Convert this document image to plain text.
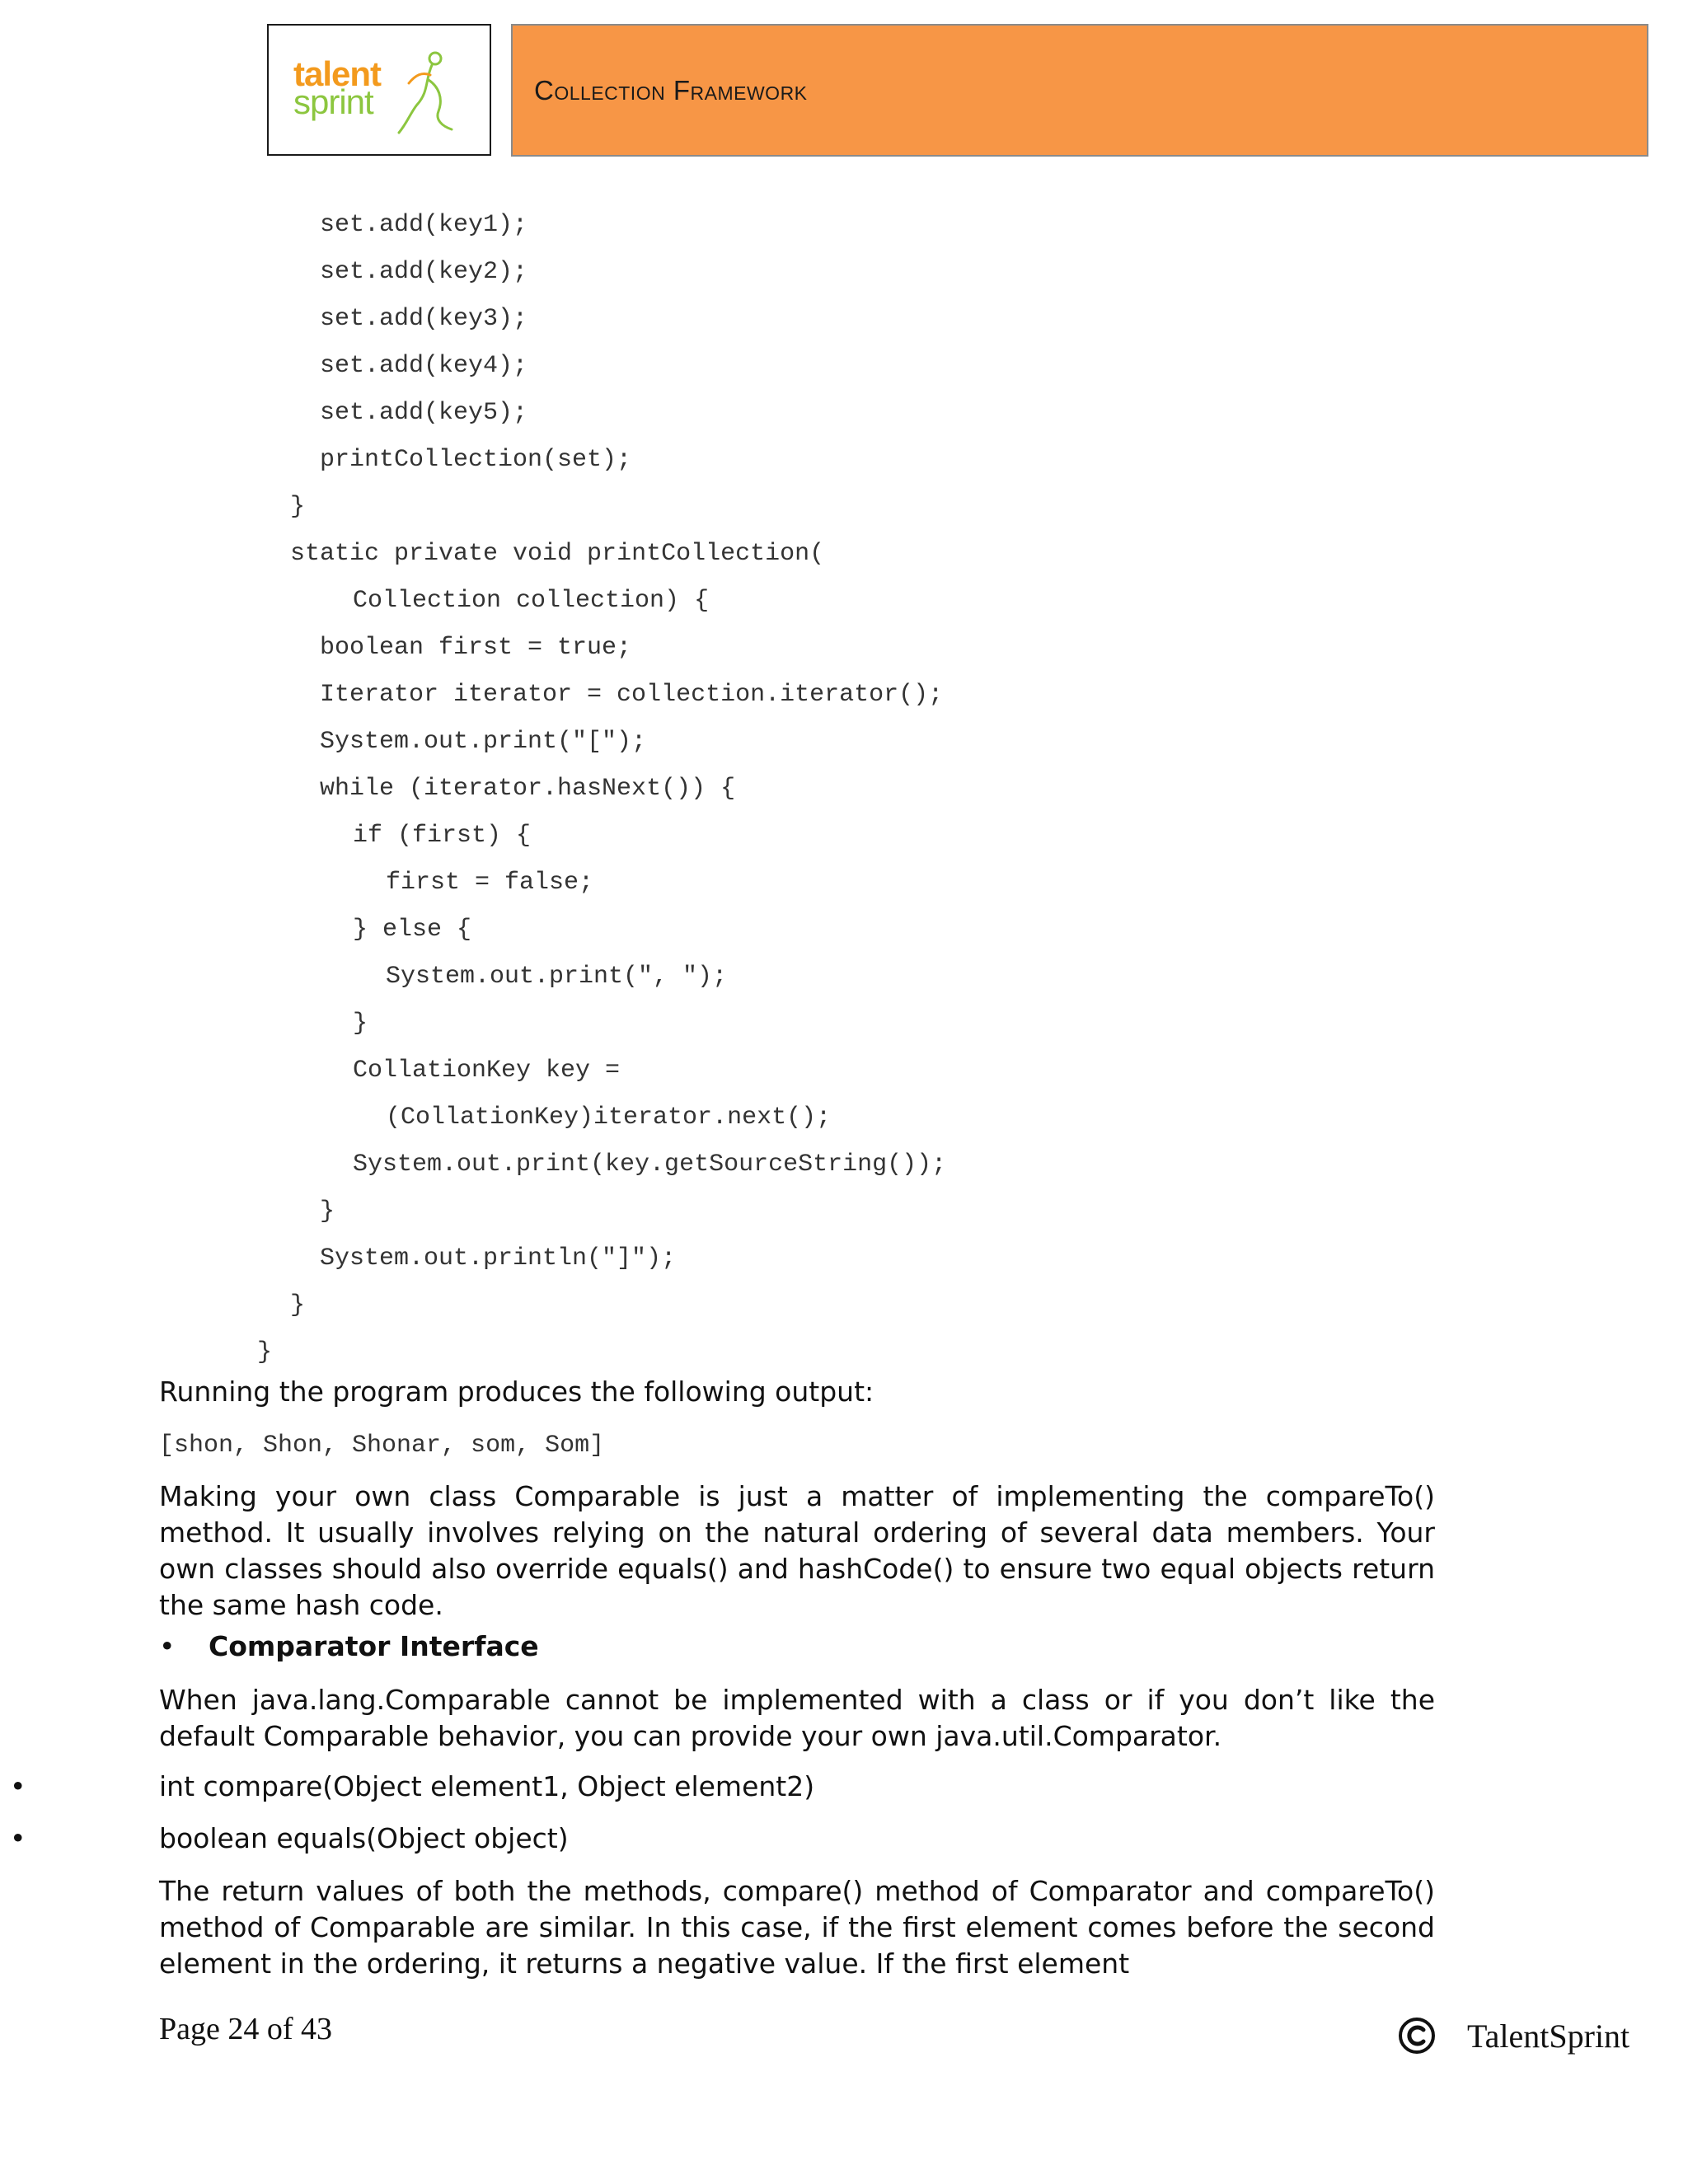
talent
sprint	Collection Framework
set.add(key1);
set.add(key2);
set.add(key3);
set.add(key4);
set.add(key5);
printCollection(set);
}
static private void printCollection(
Collection collection) {
boolean first = true;
Iterator iterator = collection.iterator();
System.out.print("[");
while (iterator.hasNext()) {
if (first) {
first = false;
} else {
System.out.print(", ");
}
CollationKey key =
(CollationKey)iterator.next();
System.out.print(key.getSourceString());
}
System.out.println("]");
}
}
Running the program produces the following output:
[shon, Shon, Shonar, som, Som]
Making your own class Comparable is just a matter of implementing the compareTo() method. It usually involves relying on the natural ordering of several data members. Your own classes should also override equals() and hashCode() to ensure two equal objects return the same hash code.
• Comparator Interface
When java.lang.Comparable cannot be implemented with a class or if you don’t like the default Comparable behavior, you can provide your own java.util.Comparator.
•	int compare(Object element1, Object element2)
•	boolean equals(Object object)
The return values of both the methods, compare() method of Comparator and compareTo() method of Comparable are similar. In this case, if the first element comes before the second element in the ordering, it returns a negative value. If the first element
Page 24 of 43	TalentSprint
